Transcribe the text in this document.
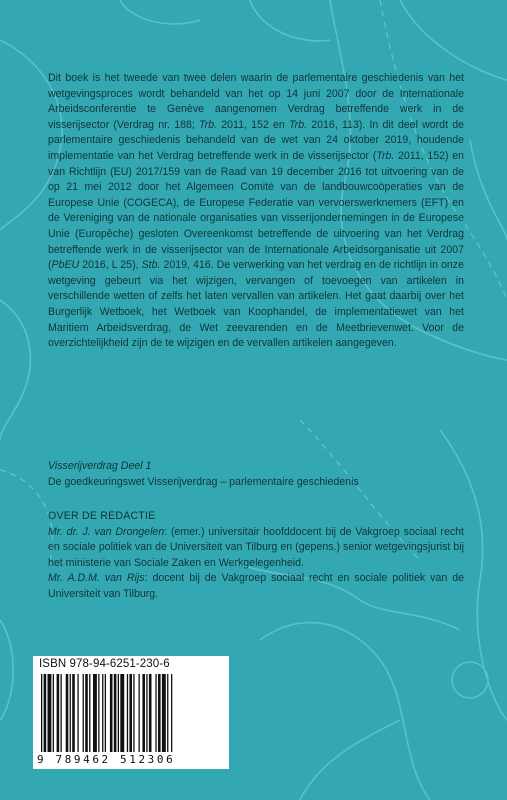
Dit boek is het tweede van twee delen waarin de parlementaire geschiedenis van het wetgevingsproces wordt behandeld van het op 14 juni 2007 door de Internationale Arbeidsconferentie te Genève aangenomen Verdrag betreffende werk in de visserijsector (Verdrag nr. 188; Trb. 2011, 152 en Trb. 2016, 113). In dit deel wordt de parlementaire geschiedenis behandeld van de wet van 24 oktober 2019, houdende implementatie van het Verdrag betreffende werk in de visserijsector (Trb. 2011, 152) en van Richtlijn (EU) 2017/159 van de Raad van 19 december 2016 tot uitvoering van de op 21 mei 2012 door het Algemeen Comité van de landbouwcoöperaties van de Europese Unie (COGECA), de Europese Federatie van vervoerswerknemers (EFT) en de Vereniging van de nationale organisaties van visserijondernemingen in de Europese Unie (Europêche) gesloten Overeenkomst betreffende de uitvoering van het Verdrag betreffende werk in de visserijsector van de Internationale Arbeidsorganisatie uit 2007 (PbEU 2016, L 25), Stb. 2019, 416. De verwerking van het verdrag en de richtlijn in onze wetgeving gebeurt via het wijzigen, vervangen of toevoegen van artikelen in verschillende wetten of zelfs het laten vervallen van artikelen. Het gaat daarbij over het Burgerlijk Wetboek, het Wetboek van Koophandel, de implementatiewet van het Maritiem Arbeidsverdrag, de Wet zeevarenden en de Meetbrievenwet. Voor de overzichtelijkheid zijn de te wijzigen en de vervallen artikelen aangegeven.

Visserijverdrag Deel 1
De goedkeuringswet Visserijverdrag – parlementaire geschiedenis
OVER DE REDACTIE

Mr. dr. J. van Drongelen: (emer.) universitair hoofddocent bij de Vakgroep sociaal recht en sociale politiek van de Universiteit van Tilburg en (gepens.) senior wetgevingsjurist bij het ministerie van Sociale Zaken en Werkgelegenheid.

Mr. A.D.M. van Rijs: docent bij de Vakgroep sociaal recht en sociale politiek van de Universiteit van Tilburg.

ISBN 978-94-6251-230-6
9 789462 512306
